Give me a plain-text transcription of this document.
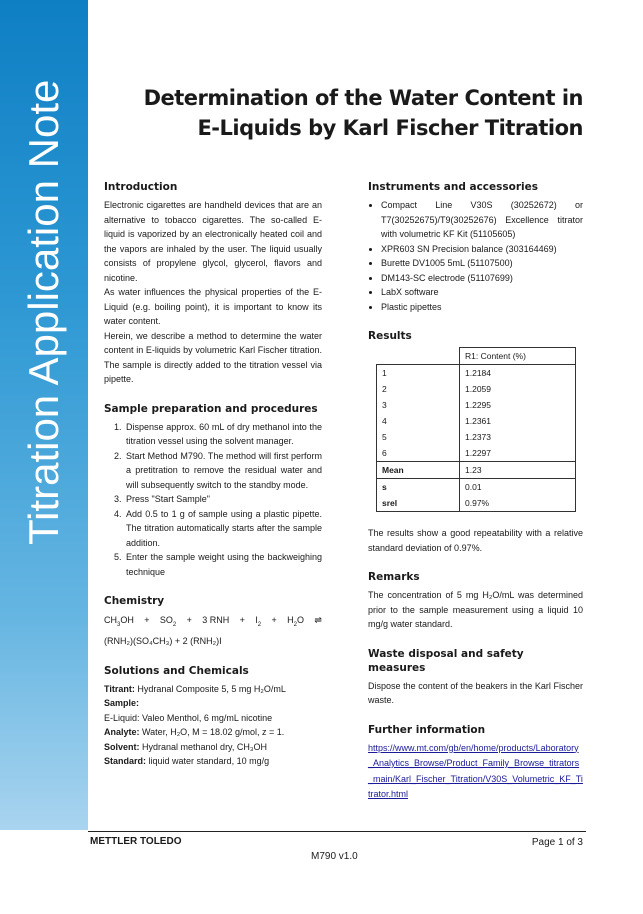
Titration Application Note	Determination of the Water Content in
E-Liquids by Karl Fischer Titration
Introduction

Electronic cigarettes are handheld devices that are an alternative to tobacco cigarettes. The so-called E-liquid is vaporized by an electronically heated coil and the vapors are inhaled by the user. The liquid usually consists of propylene glycol, glycerol, flavors and nicotine.

As water influences the physical properties of the E-Liquid (e.g. boiling point), it is important to know its water content.

Herein, we describe a method to determine the water content in E-liquids by volumetric Karl Fischer titration. The sample is directly added to the titration vessel via pipette.

Sample preparation and procedures
1. Dispense approx. 60 mL of dry methanol into the titration vessel using the solvent manager.
2. Start Method M790. The method will first perform a pretitration to remove the residual water and will subsequently switch to the standby mode.
3. Press "Start Sample"
4. Add 0.5 to 1 g of sample using a plastic pipette. The titration automatically starts after the sample addition.
5. Enter the sample weight using the backweighing technique
Chemistry
$CH_3OH + SO_2 + 3$ RNH + $I_2 + H_2O$ ⇌
(RNH₂)(SO₄CH₃) + 2 (RNH₂)I
Solutions and Chemicals

Titrant: Hydranal Composite 5, 5 mg H₂O/mL

Sample:

E-Liquid: Valeo Menthol, 6 mg/mL nicotine

Analyte: Water, H₂O, M = 18.02 g/mol, z = 1.

Solvent: Hydranal methanol dry, CH₃OH

Standard: liquid water standard, 10 mg/g

Instruments and accessories
• Compact Line V30S (30252672) or T7(30252675)/T9(30252676) Excellence titrator with volumetric KF Kit (51105605)
• XPR603 SN Precision balance (303164469)
• Burette DV1005 5mL (51107500)
• DM143-SC electrode (51107699)
• LabX software
• Plastic pipettes
Results
	R1: Content (%)
1	1.2184
2	1.2059
3	1.2295
4	1.2361
5	1.2373
6	1.2297
Mean	1.23
s	0.01
srel	0.97%

The results show a good repeatability with a relative standard deviation of 0.97%.

Remarks

The concentration of 5 mg H₂O/mL was determined prior to the sample measurement using a liquid 10 mg/g water standard.

Waste disposal and safety measures

Dispose the content of the beakers in the Karl Fischer waste.

Further information
https://www.mt.com/gb/en/home/products/Laboratory_Analytics_Browse/Product_Family_Browse_titrators_main/Karl_Fischer_Titration/V30S_Volumetric_KF_Titrator.html
METTLER TOLEDO	Page 1 of 3
M790 v1.0
